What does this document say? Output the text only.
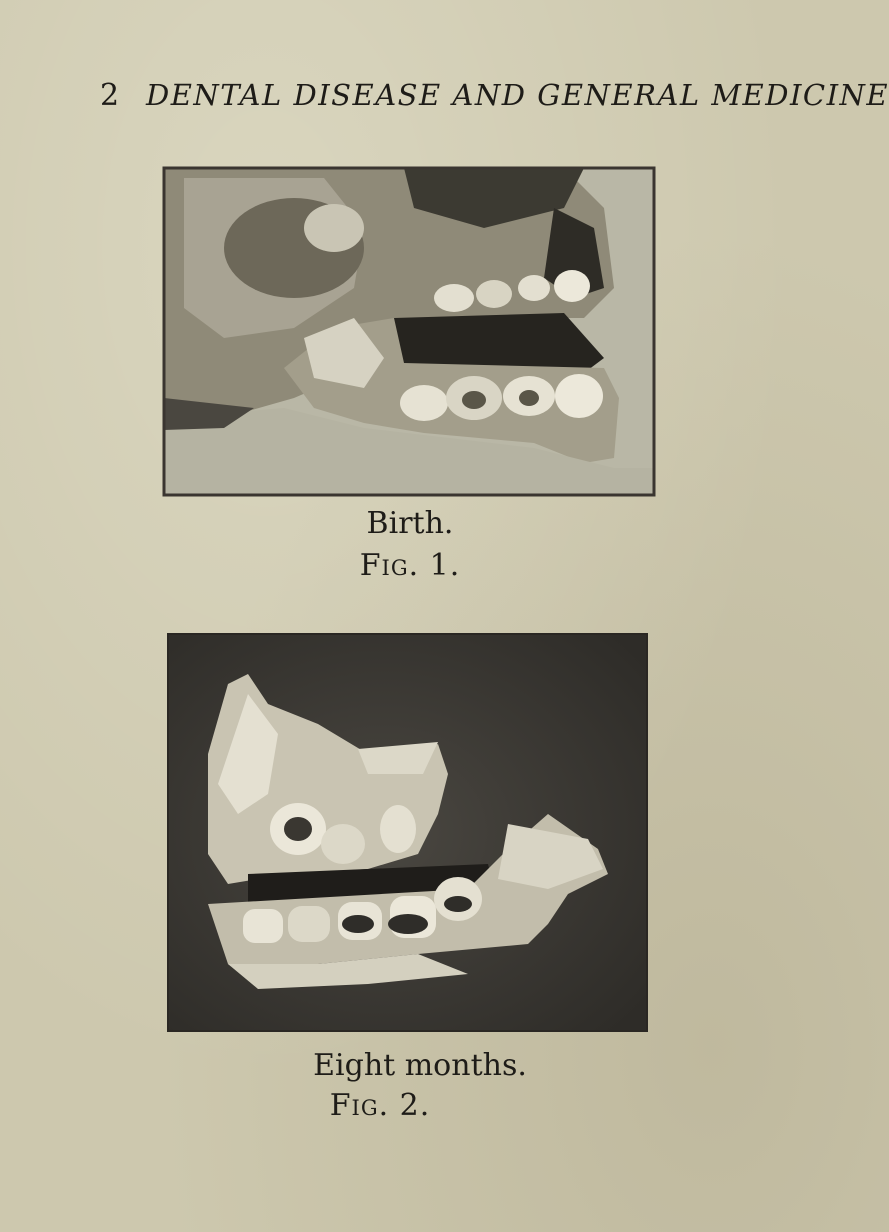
2 DENTAL DISEASE AND GENERAL MEDICINE
Birth.
Fig. 1.
Eight months.
Fig. 2.
